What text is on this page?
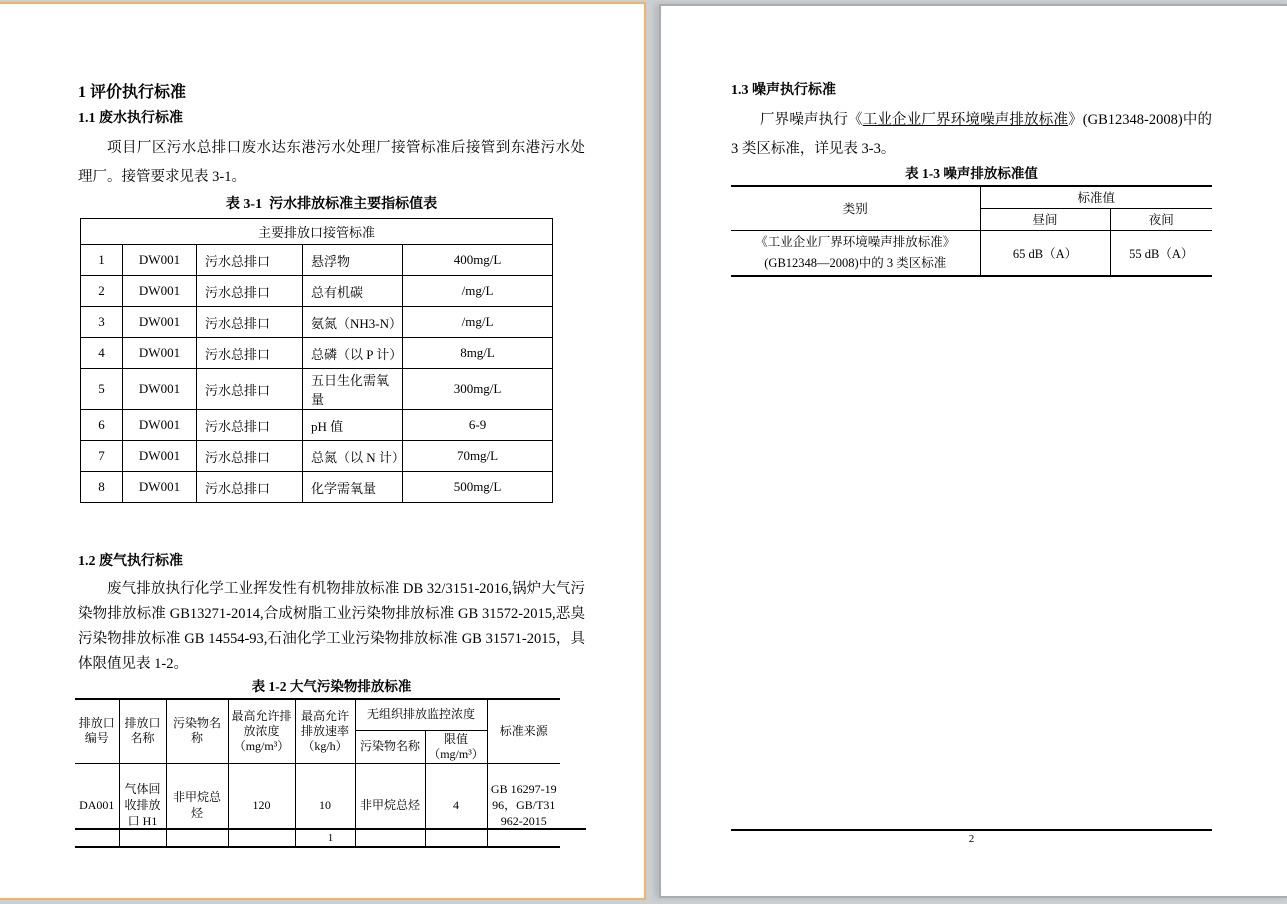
1 评价执行标准
1.1 废水执行标准

项目厂区污水总排口废水达东港污水处理厂接管标准后接管到东港污水处理厂。接管要求见表 3-1。

表 3-1  污水排放标准主要指标值表
主要排放口接管标准				
1	DW001	污水总排口	悬浮物	400mg/L
2	DW001	污水总排口	总有机碳	/mg/L
3	DW001	污水总排口	氨氮（NH3-N）	/mg/L
4	DW001	污水总排口	总磷（以 P 计）	8mg/L
5	DW001	污水总排口	五日生化需氧量	300mg/L
6	DW001	污水总排口	pH 值	6-9
7	DW001	污水总排口	总氮（以 N 计）	70mg/L
8	DW001	污水总排口	化学需氧量	500mg/L
1.2 废气执行标准

废气排放执行化学工业挥发性有机物排放标准 DB 32/3151-2016,锅炉大气污染物排放标准 GB13271-2014,合成树脂工业污染物排放标准 GB 31572-2015,恶臭污染物排放标准 GB 14554-93,石油化学工业污染物排放标准 GB 31571-2015，具体限值见表 1-2。

表 1-2 大气污染物排放标准
排放口编号	排放口名称	污染物名称	最高允许排放浓度（mg/m³）	最高允许排放速率（kg/h）	无组织排放监控浓度		标准来源
					污染物名称	限值（mg/m³）	
DA001	气体回收排放口 H1	非甲烷总烃	120	10	非甲烷总烃	4	GB 16297-1996，GB/T31962-2015
1
1.3 噪声执行标准

厂界噪声执行《工业企业厂界环境噪声排放标准》(GB12348-2008)中的 3 类区标准，详见表 3-3。

表 1-3 噪声排放标准值
类别	标准值	
	昼间	夜间

《工业企业厂界环境噪声排放标准》
(GB12348—2008)中的 3 类区标准	65 dB（A）	55 dB（A）
2
